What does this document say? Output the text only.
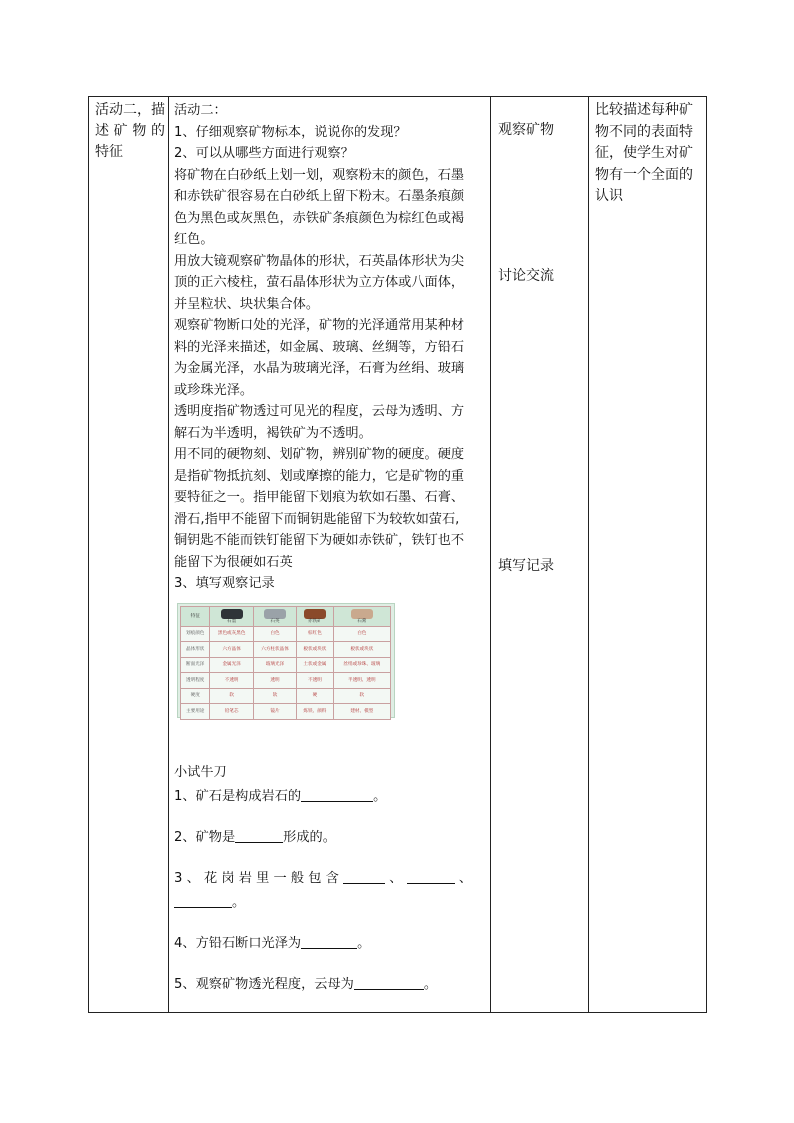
活动二，描

述 矿 物 的

特征

活动二：

1、仔细观察矿物标本，说说你的发现？

2、可以从哪些方面进行观察？

将矿物在白砂纸上划一划，观察粉末的颜色，石墨

和赤铁矿很容易在白砂纸上留下粉末。石墨条痕颜

色为黑色或灰黑色，赤铁矿条痕颜色为棕红色或褐

红色。

用放大镜观察矿物晶体的形状，石英晶体形状为尖

顶的正六棱柱，萤石晶体形状为立方体或八面体，

并呈粒状、块状集合体。

观察矿物断口处的光泽，矿物的光泽通常用某种材

料的光泽来描述，如金属、玻璃、丝绸等，方铅石

为金属光泽，水晶为玻璃光泽，石膏为丝绢、玻璃

或珍珠光泽。

透明度指矿物透过可见光的程度，云母为透明、方

解石为半透明，褐铁矿为不透明。

用不同的硬物刻、划矿物，辨别矿物的硬度。硬度

是指矿物抵抗刻、划或摩擦的能力，它是矿物的重

要特征之一。指甲能留下划痕为软如石墨、石膏、

滑石,指甲不能留下而铜钥匙能留下为较软如萤石,

铜钥匙不能而铁钉能留下为硬如赤铁矿，铁钉也不

能留下为很硬如石英

3、填写观察记录

特征	石墨	石英	赤铁矿	石膏
划痕颜色	黑色或灰黑色	白色	棕红色	白色
晶体形状	六方晶体	六方柱状晶体	板状或块状	板状或块状
断面光泽	金属光泽	玻璃光泽	土状或金属	丝绢或珍珠、玻璃
透明程度	不透明	透明	不透明	半透明、透明
硬度	软	软	硬	软
主要用途	铅笔芯	镜片	炼铁、颜料	建材、模型
小试牛刀
1、矿石是构成岩石的	。
2、矿物是	形成的。
3 、 花 岗 岩 里 一 般 包 含	、	、
。
4、方铅石断口光泽为	。
5、观察矿物透光程度，云母为	。
观察矿物
讨论交流
填写记录

比较描述每种矿

物不同的表面特

征，使学生对矿

物有一个全面的

认识
